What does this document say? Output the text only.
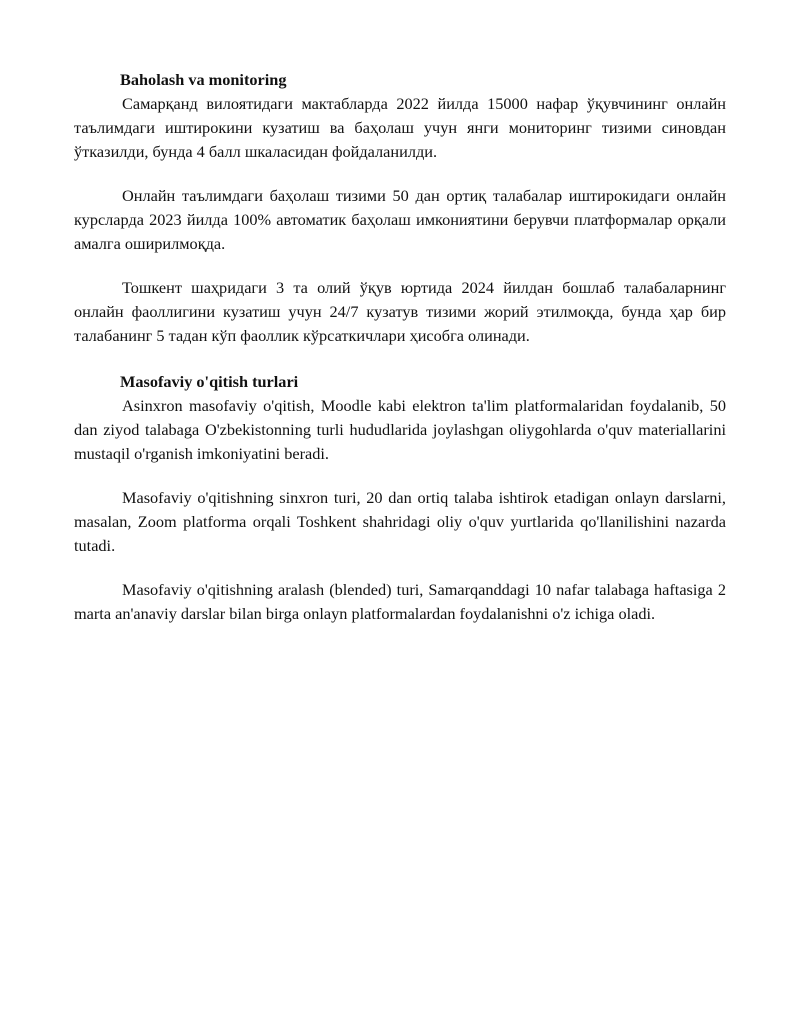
Baholash va monitoring

Самарқанд вилоятидаги мактабларда 2022 йилда 15000 нафар ўқувчининг онлайн таълимдаги иштирокини кузатиш ва баҳолаш учун янги мониторинг тизими синовдан ўтказилди, бунда 4 балл шкаласидан фойдаланилди.

Онлайн таълимдаги баҳолаш тизими 50 дан ортиқ талабалар иштирокидаги онлайн курсларда 2023 йилда 100% автоматик баҳолаш имкониятини берувчи платформалар орқали амалга оширилмоқда.

Тошкент шаҳридаги 3 та олий ўқув юртида 2024 йилдан бошлаб талабаларнинг онлайн фаоллигини кузатиш учун 24/7 кузатув тизими жорий этилмоқда, бунда ҳар бир талабанинг 5 тадан кўп фаоллик кўрсаткичлари ҳисобга олинади.

Masofaviy o'qitish turlari

Asinxron masofaviy o'qitish, Moodle kabi elektron ta'lim platformalaridan foydalanib, 50 dan ziyod talabaga O'zbekistonning turli hududlarida joylashgan oliygohlarda o'quv materiallarini mustaqil o'rganish imkoniyatini beradi.

Masofaviy o'qitishning sinxron turi, 20 dan ortiq talaba ishtirok etadigan onlayn darslarni, masalan, Zoom platforma orqali Toshkent shahridagi oliy o'quv yurtlarida qo'llanilishini nazarda tutadi.

Masofaviy o'qitishning aralash (blended) turi, Samarqanddagi 10 nafar talabaga haftasiga 2 marta an'anaviy darslar bilan birga onlayn platformalardan foydalanishni o'z ichiga oladi.
